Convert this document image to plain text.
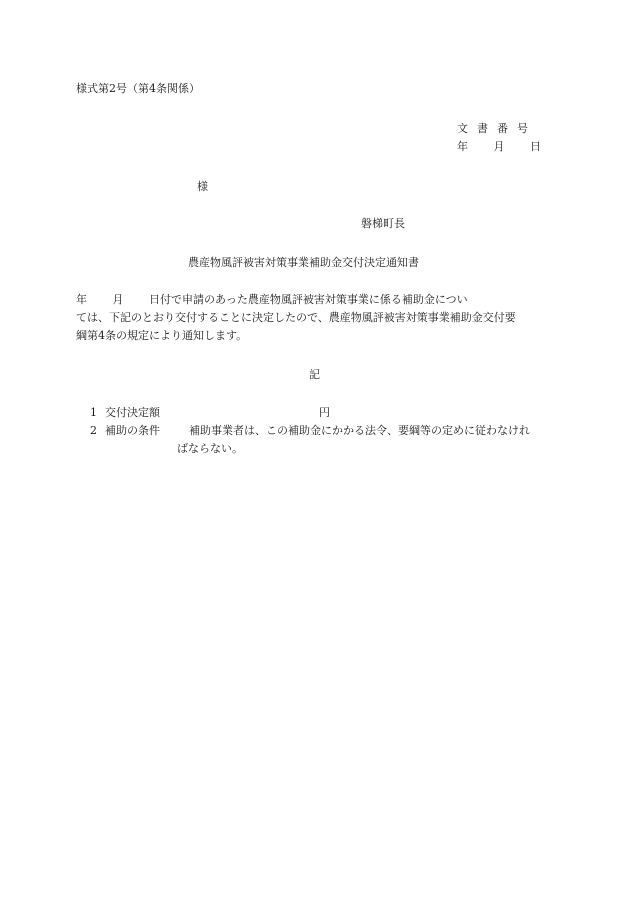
様式第2号（第4条関係）
文書番号
年 月 日
様
磐梯町長
農産物風評被害対策事業補助金交付決定通知書
年 月 日付で申請のあった農産物風評被害対策事業に係る補助金につい
ては、下記のとおり交付することに決定したので、農産物風評被害対策事業補助金交付要
綱第4条の規定により通知します。
記
1 交付決定額	円
2 補助の条件	補助事業者は、この補助金にかかる法令、要綱等の定めに従わなけれ
ばならない。
